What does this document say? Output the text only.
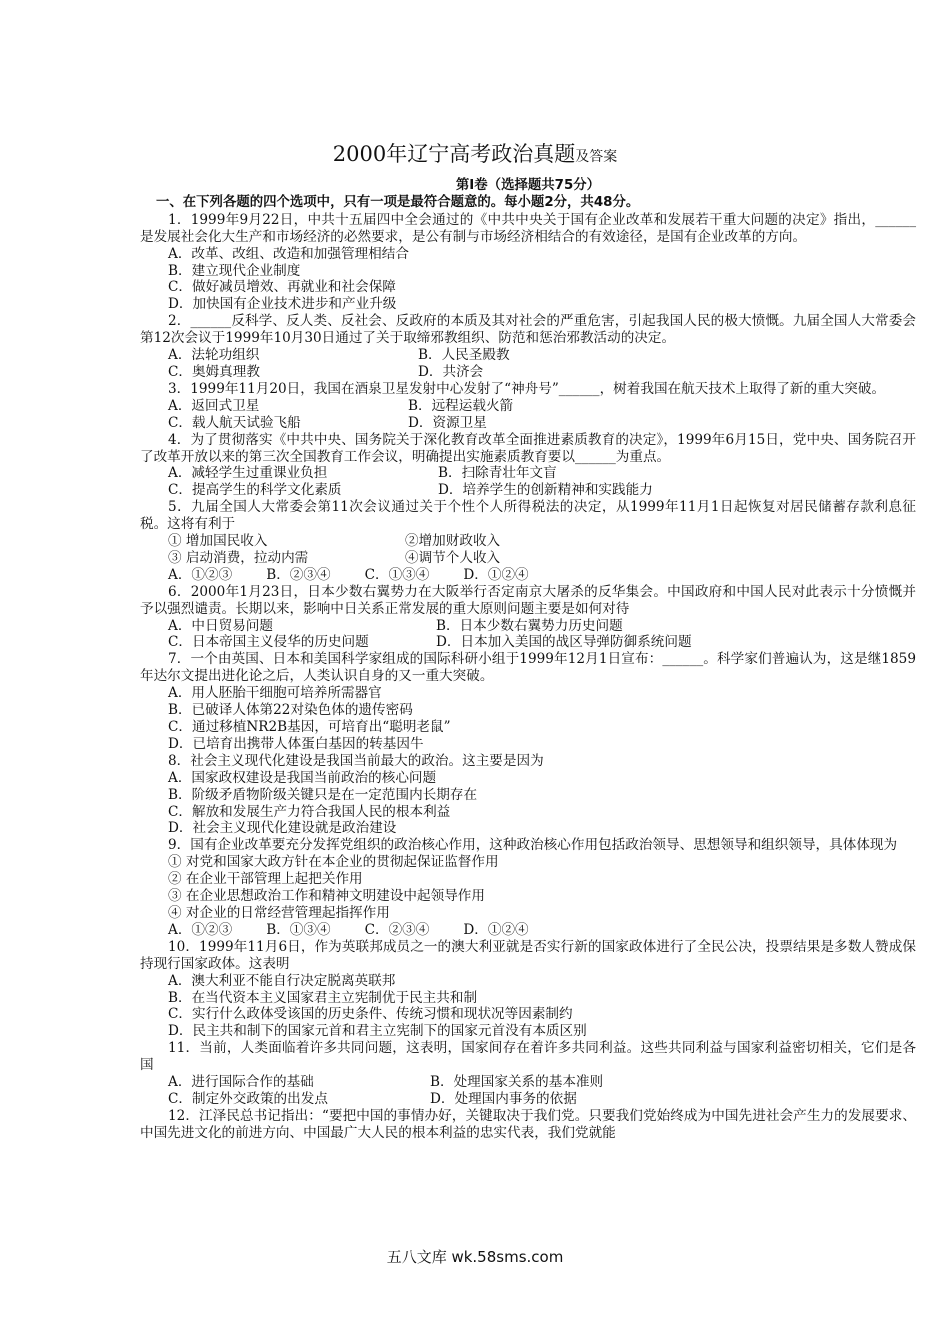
2000年辽宁高考政治真题及答案

第Ⅰ卷（选择题共75分）

一、在下列各题的四个选项中，只有一项是最符合题意的。每小题2分，共48分。

1．1999年9月22日，中共十五届四中全会通过的《中共中央关于国有企业改革和发展若干重大问题的决定》指出，______是发展社会化大生产和市场经济的必然要求，是公有制与市场经济相结合的有效途径，是国有企业改革的方向。

A．改革、改组、改造和加强管理相结合

B．建立现代企业制度

C．做好减员增效、再就业和社会保障

D．加快国有企业技术进步和产业升级

2．______反科学、反人类、反社会、反政府的本质及其对社会的严重危害，引起我国人民的极大愤慨。九届全国人大常委会第12次会议于1999年10月30日通过了关于取缔邪教组织、防范和惩治邪教活动的决定。

A．法轮功组织	B．人民圣殿教
C．奥姆真理教	D．共济会

3．1999年11月20日，我国在酒泉卫星发射中心发射了“神舟号”______，树着我国在航天技术上取得了新的重大突破。

A．返回式卫星	B．远程运载火箭
C．载人航天试验飞船	D．资源卫星

4．为了贯彻落实《中共中央、国务院关于深化教育改革全面推进素质教育的决定》，1999年6月15日，党中央、国务院召开了改革开放以来的第三次全国教育工作会议，明确提出实施素质教育要以______为重点。

A．减轻学生过重课业负担	B．扫除青壮年文盲
C．提高学生的科学文化素质	D．培养学生的创新精神和实践能力

5．九届全国人大常委会第11次会议通过关于个性个人所得税法的决定，从1999年11月1日起恢复对居民储蓄存款利息征税。这将有利于

① 增加国民收入	②增加财政收入
③ 启动消费，拉动内需	④调节个人收入
A．①②③	B．②③④	C．①③④	D．①②④

6．2000年1月23日，日本少数右翼势力在大阪举行否定南京大屠杀的反华集会。中国政府和中国人民对此表示十分愤慨并予以强烈谴责。长期以来，影响中日关系正常发展的重大原则问题主要是如何对待

A．中日贸易问题	B．日本少数右翼势力历史问题
C．日本帝国主义侵华的历史问题	D．日本加入美国的战区导弹防御系统问题

7．一个由英国、日本和美国科学家组成的国际科研小组于1999年12月1日宣布：______。科学家们普遍认为，这是继1859年达尔文提出进化论之后，人类认识自身的又一重大突破。

A．用人胚胎干细胞可培养所需器官

B．已破译人体第22对染色体的遗传密码

C．通过移植NR2B基因，可培育出“聪明老鼠”

D．已培育出携带人体蛋白基因的转基因牛

8．社会主义现代化建设是我国当前最大的政治。这主要是因为

A．国家政权建设是我国当前政治的核心问题

B．阶级矛盾物阶级关键只是在一定范围内长期存在

C．解放和发展生产力符合我国人民的根本利益

D．社会主义现代化建设就是政治建设

9．国有企业改革要充分发挥党组织的政治核心作用，这种政治核心作用包括政治领导、思想领导和组织领导，具体体现为

① 对党和国家大政方针在本企业的贯彻起保证监督作用

② 在企业干部管理上起把关作用

③ 在企业思想政治工作和精神文明建设中起领导作用

④ 对企业的日常经营管理起指挥作用

A．①②③	B．①③④	C．②③④	D．①②④

10．1999年11月6日，作为英联邦成员之一的澳大利亚就是否实行新的国家政体进行了全民公决，投票结果是多数人赞成保持现行国家政体。这表明

A．澳大利亚不能自行决定脱离英联邦

B．在当代资本主义国家君主立宪制优于民主共和制

C．实行什么政体受该国的历史条件、传统习惯和现状况等因素制约

D．民主共和制下的国家元首和君主立宪制下的国家元首没有本质区别

11．当前，人类面临着许多共同问题，这表明，国家间存在着许多共同利益。这些共同利益与国家利益密切相关，它们是各国

A．进行国际合作的基础	B．处理国家关系的基本准则
C．制定外交政策的出发点	D．处理国内事务的依据

12．江泽民总书记指出：“要把中国的事情办好，关键取决于我们党。只要我们党始终成为中国先进社会产生力的发展要求、中国先进文化的前进方向、中国最广大人民的根本利益的忠实代表，我们党就能

五八文库 wk.58sms.com
